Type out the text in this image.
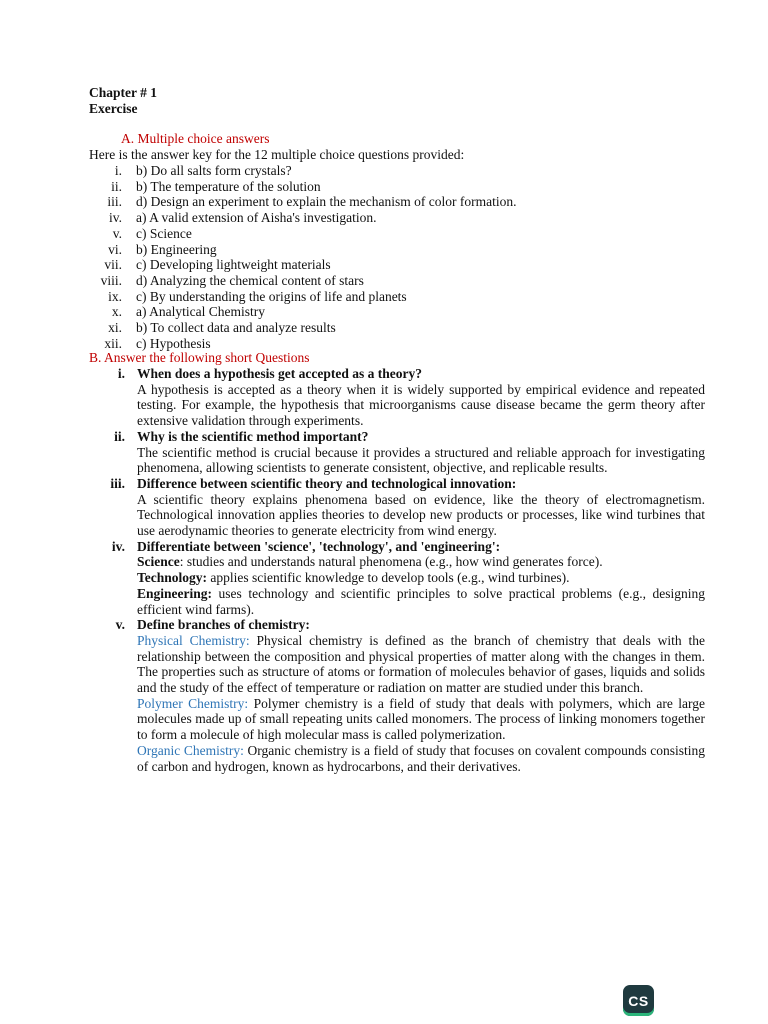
Chapter # 1
Exercise
A. Multiple choice answers
Here is the answer key for the 12 multiple choice questions provided:
i.	b) Do all salts form crystals?
ii.	b) The temperature of the solution
iii.	d) Design an experiment to explain the mechanism of color formation.
iv.	a) A valid extension of Aisha's investigation.
v.	c) Science
vi.	b) Engineering
vii.	c) Developing lightweight materials
viii.	d) Analyzing the chemical content of stars
ix.	c) By understanding the origins of life and planets
x.	a) Analytical Chemistry
xi.	b) To collect data and analyze results
xii.	c) Hypothesis
B. Answer the following short Questions
i. When does a hypothesis get accepted as a theory?
A hypothesis is accepted as a theory when it is widely supported by empirical evidence and repeated testing. For example, the hypothesis that microorganisms cause disease became the germ theory after extensive validation through experiments.
ii. Why is the scientific method important?
The scientific method is crucial because it provides a structured and reliable approach for investigating phenomena, allowing scientists to generate consistent, objective, and replicable results.
iii. Difference between scientific theory and technological innovation:
A scientific theory explains phenomena based on evidence, like the theory of electromagnetism. Technological innovation applies theories to develop new products or processes, like wind turbines that use aerodynamic theories to generate electricity from wind energy.
iv. Differentiate between 'science', 'technology', and 'engineering':
Science: studies and understands natural phenomena (e.g., how wind generates force).
Technology: applies scientific knowledge to develop tools (e.g., wind turbines).
Engineering: uses technology and scientific principles to solve practical problems (e.g., designing efficient wind farms).
v. Define branches of chemistry:
Physical Chemistry: Physical chemistry is defined as the branch of chemistry that deals with the relationship between the composition and physical properties of matter along with the changes in them. The properties such as structure of atoms or formation of molecules behavior of gases, liquids and solids and the study of the effect of temperature or radiation on matter are studied under this branch.
Polymer Chemistry: Polymer chemistry is a field of study that deals with polymers, which are large molecules made up of small repeating units called monomers. The process of linking monomers together to form a molecule of high molecular mass is called polymerization.
Organic Chemistry: Organic chemistry is a field of study that focuses on covalent compounds consisting of carbon and hydrogen, known as hydrocarbons, and their derivatives.
CS
